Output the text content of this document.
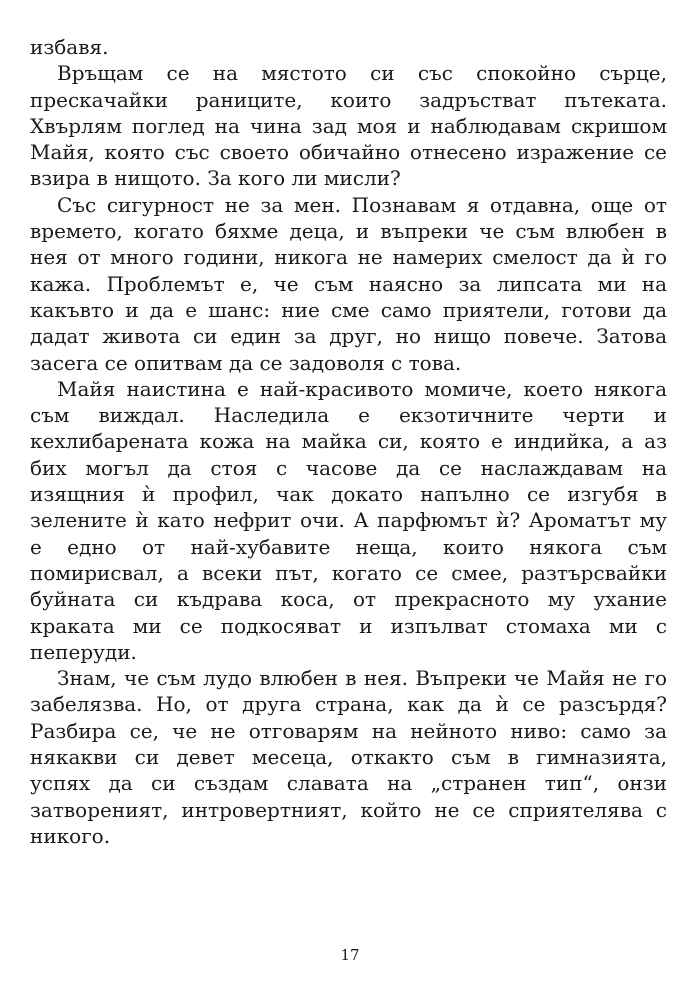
избавя.
Връщам се на мястото си със спокойно сърце,
прескачайки раниците, които задръстват пътеката.
Хвърлям поглед на чина зад моя и наблюдавам скришом
Майя, която със своето обичайно отнесено изражение се
взира в нищото. За кого ли мисли?
Със сигурност не за мен. Познавам я отдавна, още от
времето, когато бяхме деца, и въпреки че съм влюбен в
нея от много години, никога не намерих смелост да ѝ го
кажа. Проблемът е, че съм наясно за липсата ми на
какъвто и да е шанс: ние сме само приятели, готови да
дадат живота си един за друг, но нищо повече. Затова
засега се опитвам да се задоволя с това.
Майя наистина е най-красивото момиче, което някога
съм виждал. Наследила е екзотичните черти и
кехлибарената кожа на майка си, която е индийка, а аз
бих могъл да стоя с часове да се наслаждавам на
изящния ѝ профил, чак докато напълно се изгубя в
зелените ѝ като нефрит очи. А парфюмът ѝ? Ароматът му
е едно от най-хубавите неща, които някога съм
помирисвал, а всеки път, когато се смее, разтърсвайки
буйната си къдрава коса, от прекрасното му ухание
краката ми се подкосяват и изпълват стомаха ми с
пеперуди.
Знам, че съм лудо влюбен в нея. Въпреки че Майя не го
забелязва. Но, от друга страна, как да ѝ се разсърдя?
Разбира се, че не отговарям на нейното ниво: само за
някакви си девет месеца, откакто съм в гимназията,
успях да си създам славата на „странен тип“, онзи
затвореният, интровертният, който не се сприятелява с
никого.
17
